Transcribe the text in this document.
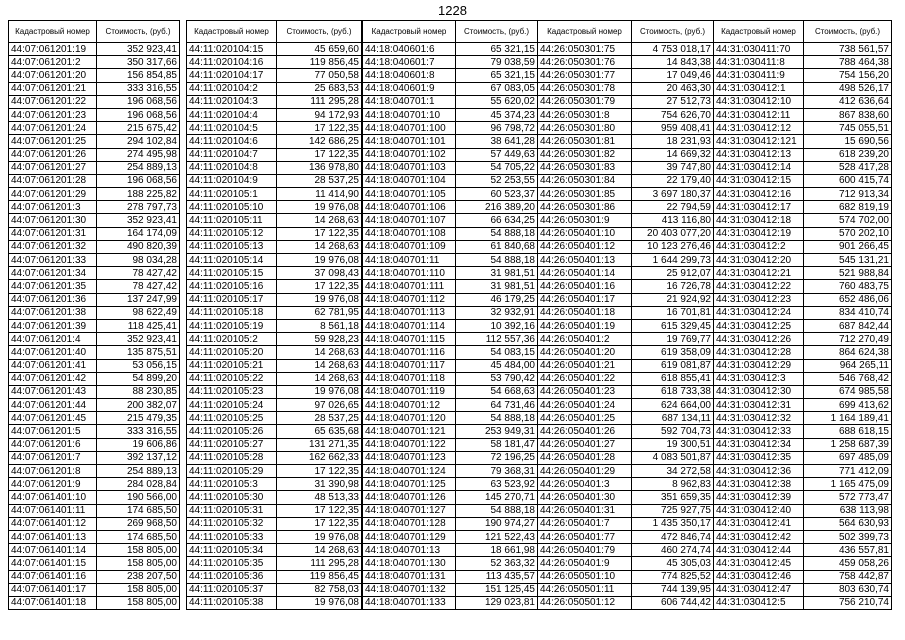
1228
Кадастровый номер	Стоимость, (руб.)
44:07:061201:19	352 923,41
44:07:061201:2	350 317,66
44:07:061201:20	156 854,85
44:07:061201:21	333 316,55
44:07:061201:22	196 068,56
44:07:061201:23	196 068,56
44:07:061201:24	215 675,42
44:07:061201:25	294 102,84
44:07:061201:26	274 495,98
44:07:061201:27	254 889,13
44:07:061201:28	196 068,56
44:07:061201:29	188 225,82
44:07:061201:3	278 797,73
44:07:061201:30	352 923,41
44:07:061201:31	164 174,09
44:07:061201:32	490 820,39
44:07:061201:33	98 034,28
44:07:061201:34	78 427,42
44:07:061201:35	78 427,42
44:07:061201:36	137 247,99
44:07:061201:38	98 622,49
44:07:061201:39	118 425,41
44:07:061201:4	352 923,41
44:07:061201:40	135 875,51
44:07:061201:41	53 056,15
44:07:061201:42	54 899,20
44:07:061201:43	88 230,85
44:07:061201:44	200 382,07
44:07:061201:45	215 479,35
44:07:061201:5	333 316,55
44:07:061201:6	19 606,86
44:07:061201:7	392 137,12
44:07:061201:8	254 889,13
44:07:061201:9	284 028,84
44:07:061401:10	190 566,00
44:07:061401:11	174 685,50
44:07:061401:12	269 968,50
44:07:061401:13	174 685,50
44:07:061401:14	158 805,00
44:07:061401:15	158 805,00
44:07:061401:16	238 207,50
44:07:061401:17	158 805,00
44:07:061401:18	158 805,00
Кадастровый номер	Стоимость, (руб.)
44:11:020104:15	45 659,60
44:11:020104:16	119 856,45
44:11:020104:17	77 050,58
44:11:020104:2	25 683,53
44:11:020104:3	111 295,28
44:11:020104:4	94 172,93
44:11:020104:5	17 122,35
44:11:020104:6	142 686,25
44:11:020104:7	17 122,35
44:11:020104:8	136 978,80
44:11:020104:9	28 537,25
44:11:020105:1	11 414,90
44:11:020105:10	19 976,08
44:11:020105:11	14 268,63
44:11:020105:12	17 122,35
44:11:020105:13	14 268,63
44:11:020105:14	19 976,08
44:11:020105:15	37 098,43
44:11:020105:16	17 122,35
44:11:020105:17	19 976,08
44:11:020105:18	62 781,95
44:11:020105:19	8 561,18
44:11:020105:2	59 928,23
44:11:020105:20	14 268,63
44:11:020105:21	14 268,63
44:11:020105:22	14 268,63
44:11:020105:23	19 976,08
44:11:020105:24	97 026,65
44:11:020105:25	28 537,25
44:11:020105:26	65 635,68
44:11:020105:27	131 271,35
44:11:020105:28	162 662,33
44:11:020105:29	17 122,35
44:11:020105:3	31 390,98
44:11:020105:30	48 513,33
44:11:020105:31	17 122,35
44:11:020105:32	17 122,35
44:11:020105:33	19 976,08
44:11:020105:34	14 268,63
44:11:020105:35	111 295,28
44:11:020105:36	119 856,45
44:11:020105:37	82 758,03
44:11:020105:38	19 976,08
Кадастровый номер	Стоимость, (руб.)
44:18:040601:6	65 321,15
44:18:040601:7	79 038,59
44:18:040601:8	65 321,15
44:18:040601:9	67 083,05
44:18:040701:1	55 620,02
44:18:040701:10	45 374,23
44:18:040701:100	96 798,72
44:18:040701:101	38 641,28
44:18:040701:102	57 449,63
44:18:040701:103	54 705,22
44:18:040701:104	52 253,55
44:18:040701:105	60 523,37
44:18:040701:106	216 389,20
44:18:040701:107	66 634,25
44:18:040701:108	54 888,18
44:18:040701:109	61 840,68
44:18:040701:11	54 888,18
44:18:040701:110	31 981,51
44:18:040701:111	31 981,51
44:18:040701:112	46 179,25
44:18:040701:113	32 932,91
44:18:040701:114	10 392,16
44:18:040701:115	112 557,36
44:18:040701:116	54 083,15
44:18:040701:117	45 484,00
44:18:040701:118	53 790,42
44:18:040701:119	54 668,63
44:18:040701:12	64 731,46
44:18:040701:120	54 888,18
44:18:040701:121	253 949,31
44:18:040701:122	58 181,47
44:18:040701:123	72 196,25
44:18:040701:124	79 368,31
44:18:040701:125	63 523,92
44:18:040701:126	145 270,71
44:18:040701:127	54 888,18
44:18:040701:128	190 974,27
44:18:040701:129	121 522,43
44:18:040701:13	18 661,98
44:18:040701:130	52 363,32
44:18:040701:131	113 435,57
44:18:040701:132	151 125,45
44:18:040701:133	129 023,81
Кадастровый номер	Стоимость, (руб.)
44:26:050301:75	4 753 018,17
44:26:050301:76	14 843,38
44:26:050301:77	17 049,46
44:26:050301:78	20 463,30
44:26:050301:79	27 512,73
44:26:050301:8	754 626,70
44:26:050301:80	959 408,41
44:26:050301:81	18 231,93
44:26:050301:82	14 669,32
44:26:050301:83	39 747,80
44:26:050301:84	22 179,40
44:26:050301:85	3 697 180,37
44:26:050301:86	22 794,59
44:26:050301:9	413 116,80
44:26:050401:10	20 403 077,20
44:26:050401:12	10 123 276,46
44:26:050401:13	1 644 299,73
44:26:050401:14	25 912,07
44:26:050401:16	16 726,78
44:26:050401:17	21 924,92
44:26:050401:18	16 701,81
44:26:050401:19	615 329,45
44:26:050401:2	19 769,77
44:26:050401:20	619 358,09
44:26:050401:21	619 081,87
44:26:050401:22	618 855,41
44:26:050401:23	618 733,38
44:26:050401:24	624 664,00
44:26:050401:25	687 134,11
44:26:050401:26	592 704,73
44:26:050401:27	19 300,51
44:26:050401:28	4 083 501,87
44:26:050401:29	34 272,58
44:26:050401:3	8 962,83
44:26:050401:30	351 659,35
44:26:050401:31	725 927,75
44:26:050401:7	1 435 350,17
44:26:050401:77	472 846,74
44:26:050401:79	460 274,74
44:26:050401:9	45 305,03
44:26:050501:10	774 825,52
44:26:050501:11	744 139,95
44:26:050501:12	606 744,42
Кадастровый номер	Стоимость, (руб.)
44:31:030411:70	738 561,57
44:31:030411:8	788 464,38
44:31:030411:9	754 156,20
44:31:030412:1	498 526,17
44:31:030412:10	412 636,64
44:31:030412:11	867 838,60
44:31:030412:12	745 055,51
44:31:030412:121	15 690,56
44:31:030412:13	618 239,20
44:31:030412:14	528 417,28
44:31:030412:15	600 415,74
44:31:030412:16	712 913,34
44:31:030412:17	682 819,19
44:31:030412:18	574 702,00
44:31:030412:19	570 202,10
44:31:030412:2	901 266,45
44:31:030412:20	545 131,21
44:31:030412:21	521 988,84
44:31:030412:22	760 483,75
44:31:030412:23	652 486,06
44:31:030412:24	834 410,74
44:31:030412:25	687 842,44
44:31:030412:26	712 270,49
44:31:030412:28	864 624,38
44:31:030412:29	964 265,11
44:31:030412:3	546 768,42
44:31:030412:30	674 985,58
44:31:030412:31	699 413,62
44:31:030412:32	1 164 189,41
44:31:030412:33	688 618,15
44:31:030412:34	1 258 687,39
44:31:030412:35	697 485,09
44:31:030412:36	771 412,09
44:31:030412:38	1 165 475,09
44:31:030412:39	572 773,47
44:31:030412:40	638 113,98
44:31:030412:41	564 630,93
44:31:030412:42	502 399,73
44:31:030412:44	436 557,81
44:31:030412:45	459 058,26
44:31:030412:46	758 442,87
44:31:030412:47	803 630,74
44:31:030412:5	756 210,74
